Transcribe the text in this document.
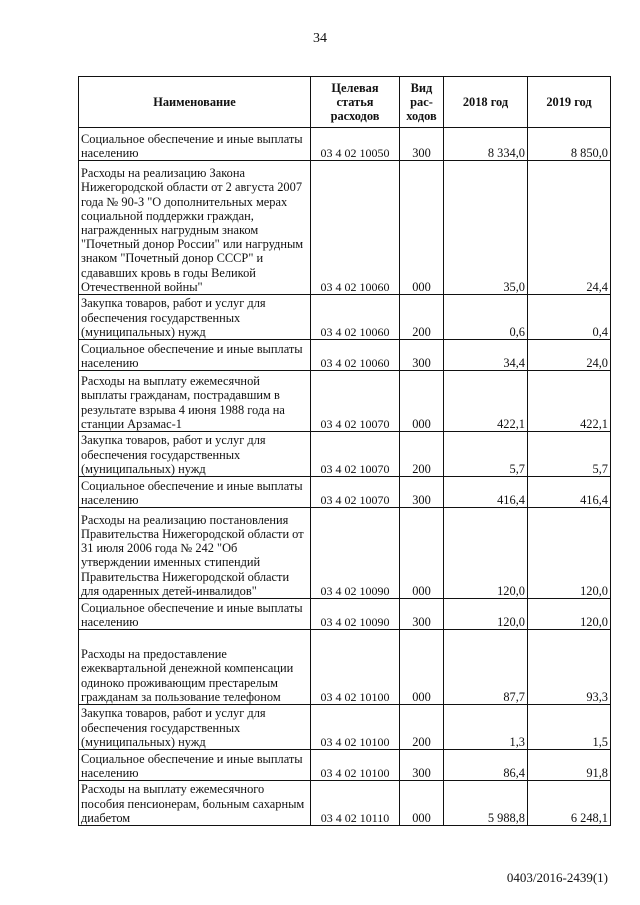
34
Наименование	Целевая статья расходов	Вид рас-ходов	2018 год	2019 год
Социальное обеспечение и иные выплаты населению	03 4 02 10050	300	8 334,0	8 850,0
Расходы на реализацию Закона Нижегородской области от 2 августа 2007 года № 90-З "О дополнительных мерах социальной поддержки граждан, награжденных нагрудным знаком "Почетный донор России" или нагрудным знаком "Почетный донор СССР" и сдававших кровь в годы Великой Отечественной войны"	03 4 02 10060	000	35,0	24,4
Закупка товаров, работ и услуг для обеспечения государственных (муниципальных) нужд	03 4 02 10060	200	0,6	0,4
Социальное обеспечение и иные выплаты населению	03 4 02 10060	300	34,4	24,0
Расходы на выплату ежемесячной выплаты гражданам, пострадавшим в результате взрыва 4 июня 1988 года на станции Арзамас-1	03 4 02 10070	000	422,1	422,1
Закупка товаров, работ и услуг для обеспечения государственных (муниципальных) нужд	03 4 02 10070	200	5,7	5,7
Социальное обеспечение и иные выплаты населению	03 4 02 10070	300	416,4	416,4
Расходы на реализацию постановления Правительства Нижегородской области от 31 июля 2006 года № 242 "Об утверждении именных стипендий Правительства Нижегородской области для одаренных детей-инвалидов"	03 4 02 10090	000	120,0	120,0
Социальное обеспечение и иные выплаты населению	03 4 02 10090	300	120,0	120,0
Расходы на предоставление ежеквартальной денежной компенсации одиноко проживающим престарелым гражданам за пользование телефоном	03 4 02 10100	000	87,7	93,3
Закупка товаров, работ и услуг для обеспечения государственных (муниципальных) нужд	03 4 02 10100	200	1,3	1,5
Социальное обеспечение и иные выплаты населению	03 4 02 10100	300	86,4	91,8
Расходы на выплату ежемесячного пособия пенсионерам, больным сахарным диабетом	03 4 02 10110	000	5 988,8	6 248,1
0403/2016-2439(1)
